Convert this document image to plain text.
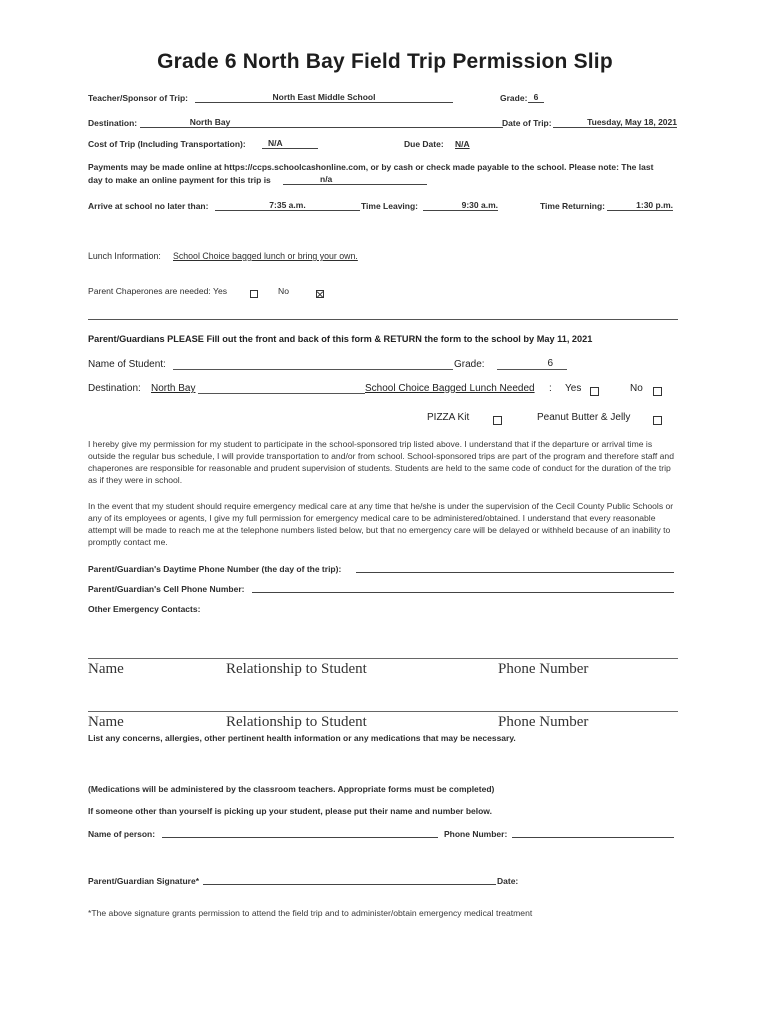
Grade 6 North Bay Field Trip Permission Slip
Teacher/Sponsor of Trip:	North East Middle School	Grade: 6
Destination:	North Bay	Date of Trip:	Tuesday, May 18, 2021
Cost of Trip (Including Transportation):	N/A	Due Date: N/A
Payments may be made online at https://ccps.schoolcashonline.com, or by cash or check made payable to the school. Please note: The last
day to make an online payment for this trip is	n/a
Arrive at school no later than:	7:35 a.m.	Time Leaving:	9:30 a.m.	Time Returning:	1:30 p.m.
Lunch Information: School Choice bagged lunch or bring your own.
Parent Chaperones are needed: Yes	No
Parent/Guardians PLEASE Fill out the front and back of this form & RETURN the form to the school by May 11, 2021
Name of Student:	Grade:	6
Destination: North Bay	School Choice Bagged Lunch Needed : Yes	No
PIZZA Kit	Peanut Butter & Jelly
I hereby give my permission for my student to participate in the school-sponsored trip listed above. I understand that if the departure or arrival time is outside the regular bus schedule, I will provide transportation to and/or from school. School-sponsored trips are part of the program and therefore staff and chaperones are responsible for reasonable and prudent supervision of students. Students are held to the same code of conduct for the duration of the trip as if they were in school.
In the event that my student should require emergency medical care at any time that he/she is under the supervision of the Cecil County Public Schools or any of its employees or agents, I give my full permission for emergency medical care to be administered/obtained. I understand that every reasonable attempt will be made to reach me at the telephone numbers listed below, but that no emergency care will be delayed or withheld because of an inability to promptly contact me.
Parent/Guardian's Daytime Phone Number (the day of the trip):
Parent/Guardian's Cell Phone Number:
Other Emergency Contacts:
Name	Relationship to Student	Phone Number
Name	Relationship to Student	Phone Number
List any concerns, allergies, other pertinent health information or any medications that may be necessary.
(Medications will be administered by the classroom teachers. Appropriate forms must be completed)
If someone other than yourself is picking up your student, please put their name and number below.
Name of person:	Phone Number:
Parent/Guardian Signature*	Date:
*The above signature grants permission to attend the field trip and to administer/obtain emergency medical treatment
